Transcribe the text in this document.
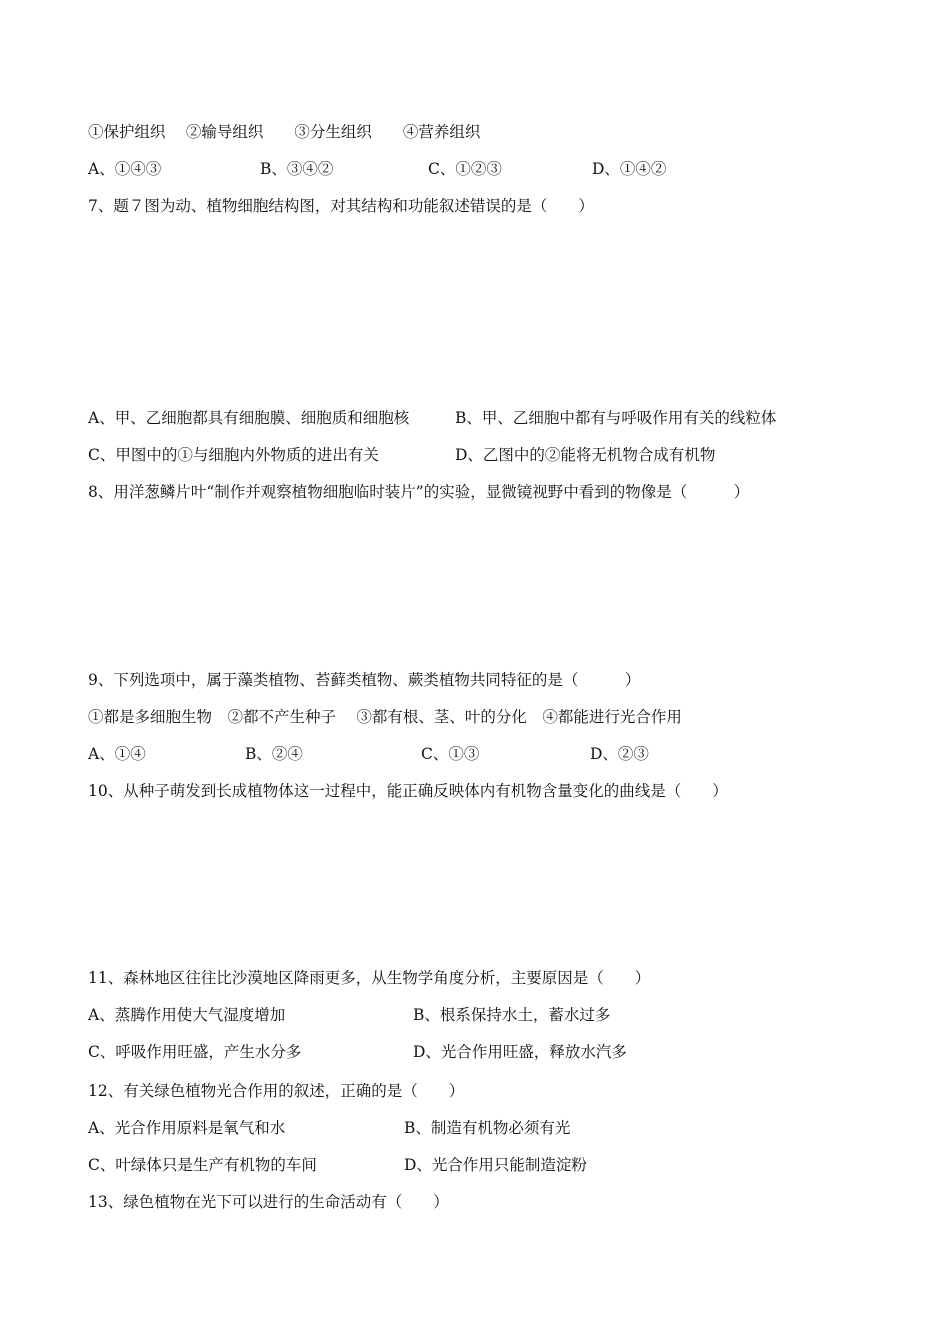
①保护组织　 ②输导组织　　③分生组织　　④营养组织
A、①④③	B、③④②	C、①②③	D、①④②
7、题７图为动、植物细胞结构图，对其结构和功能叙述错误的是（　　）
A、甲、乙细胞都具有细胞膜、细胞质和细胞核	B、甲、乙细胞中都有与呼吸作用有关的线粒体
C、甲图中的①与细胞内外物质的进出有关	D、乙图中的②能将无机物合成有机物
8、用洋葱鳞片叶“制作并观察植物细胞临时装片”的实验，显微镜视野中看到的物像是（　　　）
9、下列选项中，属于藻类植物、苔藓类植物、蕨类植物共同特征的是（　　　）
①都是多细胞生物　②都不产生种子　 ③都有根、茎、叶的分化　④都能进行光合作用
A、①④	B、②④	C、①③	D、②③
10、从种子萌发到长成植物体这一过程中，能正确反映体内有机物含量变化的曲线是（　　）
11、森林地区往往比沙漠地区降雨更多，从生物学角度分析，主要原因是（　　）
A、蒸腾作用使大气湿度增加	B、根系保持水土，蓄水过多
C、呼吸作用旺盛，产生水分多	D、光合作用旺盛，释放水汽多
12、有关绿色植物光合作用的叙述，正确的是（　　）
A、光合作用原料是氧气和水	B、制造有机物必须有光
C、叶绿体只是生产有机物的车间	D、光合作用只能制造淀粉
13、绿色植物在光下可以进行的生命活动有（　　）
